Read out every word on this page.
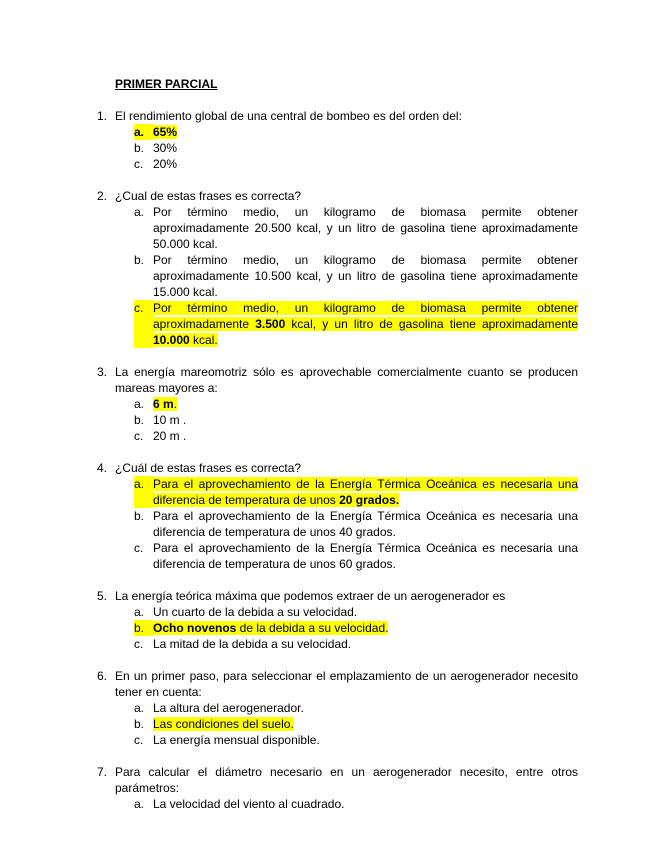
PRIMER PARCIAL
1. El rendimiento global de una central de bombeo es del orden del:
a. 65%
b. 30%
c. 20%
2. ¿Cual de estas frases es correcta?
a. Por término medio, un kilogramo de biomasa permite obtener aproximadamente 20.500 kcal, y un litro de gasolina tiene aproximadamente 50.000 kcal.
b. Por término medio, un kilogramo de biomasa permite obtener aproximadamente 10.500 kcal, y un litro de gasolina tiene aproximadamente 15.000 kcal.
c. Por término medio, un kilogramo de biomasa permite obtener aproximadamente 3.500 kcal, y un litro de gasolina tiene aproximadamente 10.000 kcal.
3. La energía mareomotriz sólo es aprovechable comercialmente cuanto se producen mareas mayores a:
a. 6 m.
b. 10 m .
c. 20 m .
4. ¿Cuál de estas frases es correcta?
a. Para el aprovechamiento de la Energía Térmica Oceánica es necesaria una diferencia de temperatura de unos 20 grados.
b. Para el aprovechamiento de la Energía Térmica Oceánica es necesaria una diferencia de temperatura de unos 40 grados.
c. Para el aprovechamiento de la Energía Térmica Oceánica es necesaria una diferencia de temperatura de unos 60 grados.
5. La energía teórica máxima que podemos extraer de un aerogenerador es
a. Un cuarto de la debida a su velocidad.
b. Ocho novenos de la debida a su velocidad.
c. La mitad de la debida a su velocidad.
6. En un primer paso, para seleccionar el emplazamiento de un aerogenerador necesito tener en cuenta:
a. La altura del aerogenerador.
b. Las condiciones del suelo.
c. La energía mensual disponible.
7. Para calcular el diámetro necesario en un aerogenerador necesito, entre otros parámetros:
a. La velocidad del viento al cuadrado.
